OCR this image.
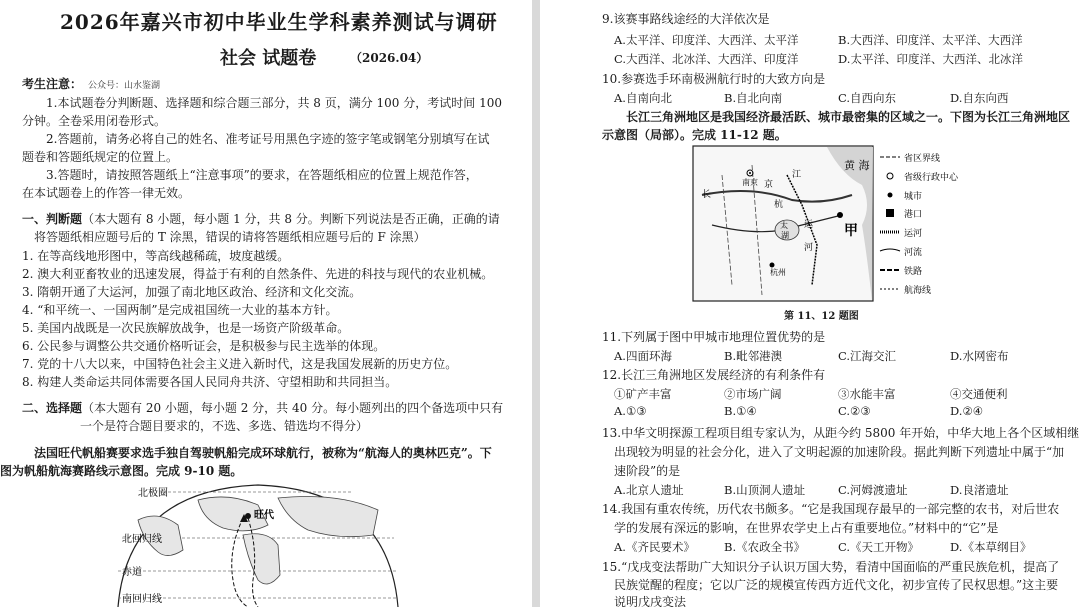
2026年嘉兴市初中毕业生学科素养测试与调研
社会 试题卷	（2026.04）
考生注意： 公众号：山水鉴湖
1.本试题卷分判断题、选择题和综合题三部分，共 8 页，满分 100 分，考试时间 100
分钟。全卷采用闭卷形式。
2.答题前，请务必将自己的姓名、准考证号用黑色字迹的签字笔或钢笔分别填写在试
题卷和答题纸规定的位置上。
3.答题时，请按照答题纸上“注意事项”的要求，在答题纸相应的位置上规范作答，
在本试题卷上的作答一律无效。
一、判断题（本大题有 8 小题，每小题 1 分，共 8 分。判断下列说法是否正确，正确的请
将答题纸相应题号后的 T 涂黑，错误的请将答题纸相应题号后的 F 涂黑）
1. 在等高线地形图中，等高线越稀疏，坡度越缓。
2. 澳大利亚畜牧业的迅速发展，得益于有利的自然条件、先进的科技与现代的农业机械。
3. 隋朝开通了大运河，加强了南北地区政治、经济和文化交流。
4. “和平统一、一国两制”是完成祖国统一大业的基本方针。
5. 美国内战既是一次民族解放战争，也是一场资产阶级革命。
6. 公民参与调整公共交通价格听证会，是积极参与民主选举的体现。
7. 党的十八大以来，中国特色社会主义进入新时代，这是我国发展新的历史方位。
8. 构建人类命运共同体需要各国人民同舟共济、守望相助和共同担当。
二、选择题（本大题有 20 小题，每小题 2 分，共 40 分。每小题列出的四个备选项中只有
一个是符合题目要求的，不选、多选、错选均不得分）
法国旺代帆船赛要求选手独自驾驶帆船完成环球航行，被称为“航海人的奥林匹克”。下
图为帆船航海赛路线示意图。完成 9-10 题。
北极圈
北回归线
赤道
南回归线
旺代
9.该赛事路线途经的大洋依次是
A.太平洋、印度洋、大西洋、太平洋	B.大西洋、印度洋、太平洋、大西洋
C.大西洋、北冰洋、大西洋、印度洋	D.太平洋、印度洋、大西洋、北冰洋
10.参赛选手环南极洲航行时的大致方向是
A.自南向北	B.自北向南	C.自西向东	D.自东向西
长江三角洲地区是我国经济最活跃、城市最密集的区域之一。下图为长江三角洲地区
示意图（局部）。完成 11-12 题。
黄 海
南京 京
江
杭
长
太
湖
运
河
甲
杭州
省区界线
省级行政中心
城市
港口
运河
河流
铁路
航海线
第 11、12 题图
11.下列属于图中甲城市地理位置优势的是
A.四面环海	B.毗邻港澳	C.江海交汇	D.水网密布
12.长江三角洲地区发展经济的有利条件有
①矿产丰富	②市场广阔	③水能丰富	④交通便利
A.①③	B.①④	C.②③	D.②④
13.中华文明探源工程项目组专家认为，从距今约 5800 年开始，中华大地上各个区域相继
出现较为明显的社会分化，进入了文明起源的加速阶段。据此判断下列遗址中属于“加
速阶段”的是
A.北京人遗址	B.山顶洞人遗址	C.河姆渡遗址	D.良渚遗址
14.我国有重农传统，历代农书颇多。“它是我国现存最早的一部完整的农书，对后世农
学的发展有深远的影响，在世界农学史上占有重要地位。”材料中的“它”是
A.《齐民要术》	B.《农政全书》	C.《天工开物》	D.《本草纲目》
15.“戊戌变法帮助广大知识分子认识万国大势，看清中国面临的严重民族危机，提高了
民族觉醒的程度；它以广泛的规模宣传西方近代文化，初步宣传了民权思想。”这主要
说明戊戌变法
